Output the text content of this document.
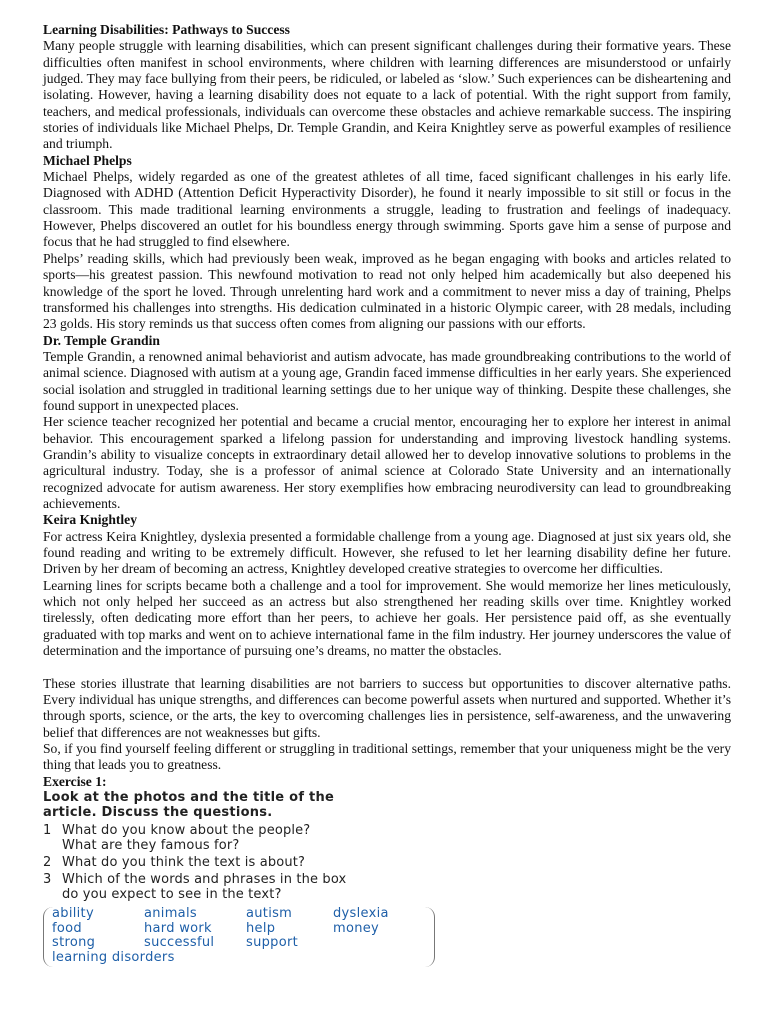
Learning Disabilities: Pathways to Success

Many people struggle with learning disabilities, which can present significant challenges during their formative years. These difficulties often manifest in school environments, where children with learning differences are misunderstood or unfairly judged. They may face bullying from their peers, be ridiculed, or labeled as ‘slow.’ Such experiences can be disheartening and isolating. However, having a learning disability does not equate to a lack of potential. With the right support from family, teachers, and medical professionals, individuals can overcome these obstacles and achieve remarkable success. The inspiring stories of individuals like Michael Phelps, Dr. Temple Grandin, and Keira Knightley serve as powerful examples of resilience and triumph.

Michael Phelps

Michael Phelps, widely regarded as one of the greatest athletes of all time, faced significant challenges in his early life. Diagnosed with ADHD (Attention Deficit Hyperactivity Disorder), he found it nearly impossible to sit still or focus in the classroom. This made traditional learning environments a struggle, leading to frustration and feelings of inadequacy. However, Phelps discovered an outlet for his boundless energy through swimming. Sports gave him a sense of purpose and focus that he had struggled to find elsewhere.

Phelps’ reading skills, which had previously been weak, improved as he began engaging with books and articles related to sports—his greatest passion. This newfound motivation to read not only helped him academically but also deepened his knowledge of the sport he loved. Through unrelenting hard work and a commitment to never miss a day of training, Phelps transformed his challenges into strengths. His dedication culminated in a historic Olympic career, with 28 medals, including 23 golds. His story reminds us that success often comes from aligning our passions with our efforts.

Dr. Temple Grandin

Temple Grandin, a renowned animal behaviorist and autism advocate, has made groundbreaking contributions to the world of animal science. Diagnosed with autism at a young age, Grandin faced immense difficulties in her early years. She experienced social isolation and struggled in traditional learning settings due to her unique way of thinking. Despite these challenges, she found support in unexpected places.

Her science teacher recognized her potential and became a crucial mentor, encouraging her to explore her interest in animal behavior. This encouragement sparked a lifelong passion for understanding and improving livestock handling systems. Grandin’s ability to visualize concepts in extraordinary detail allowed her to develop innovative solutions to problems in the agricultural industry. Today, she is a professor of animal science at Colorado State University and an internationally recognized advocate for autism awareness. Her story exemplifies how embracing neurodiversity can lead to groundbreaking achievements.

Keira Knightley

For actress Keira Knightley, dyslexia presented a formidable challenge from a young age. Diagnosed at just six years old, she found reading and writing to be extremely difficult. However, she refused to let her learning disability define her future. Driven by her dream of becoming an actress, Knightley developed creative strategies to overcome her difficulties.

Learning lines for scripts became both a challenge and a tool for improvement. She would memorize her lines meticulously, which not only helped her succeed as an actress but also strengthened her reading skills over time. Knightley worked tirelessly, often dedicating more effort than her peers, to achieve her goals. Her persistence paid off, as she eventually graduated with top marks and went on to achieve international fame in the film industry. Her journey underscores the value of determination and the importance of pursuing one’s dreams, no matter the obstacles.

These stories illustrate that learning disabilities are not barriers to success but opportunities to discover alternative paths. Every individual has unique strengths, and differences can become powerful assets when nurtured and supported. Whether it’s through sports, science, or the arts, the key to overcoming challenges lies in persistence, self-awareness, and the unwavering belief that differences are not weaknesses but gifts.

So, if you find yourself feeling different or struggling in traditional settings, remember that your uniqueness might be the very thing that leads you to greatness.

Exercise 1:
Look at the photos and the title of the
article. Discuss the questions.
1 What do you know about the people?
What are they famous for?
2 What do you think the text is about?
3 Which of the words and phrases in the box
do you expect to see in the text?
ability	animals	autism	dyslexia
food	hard work	help	money
strong	successful	support
learning disorders
